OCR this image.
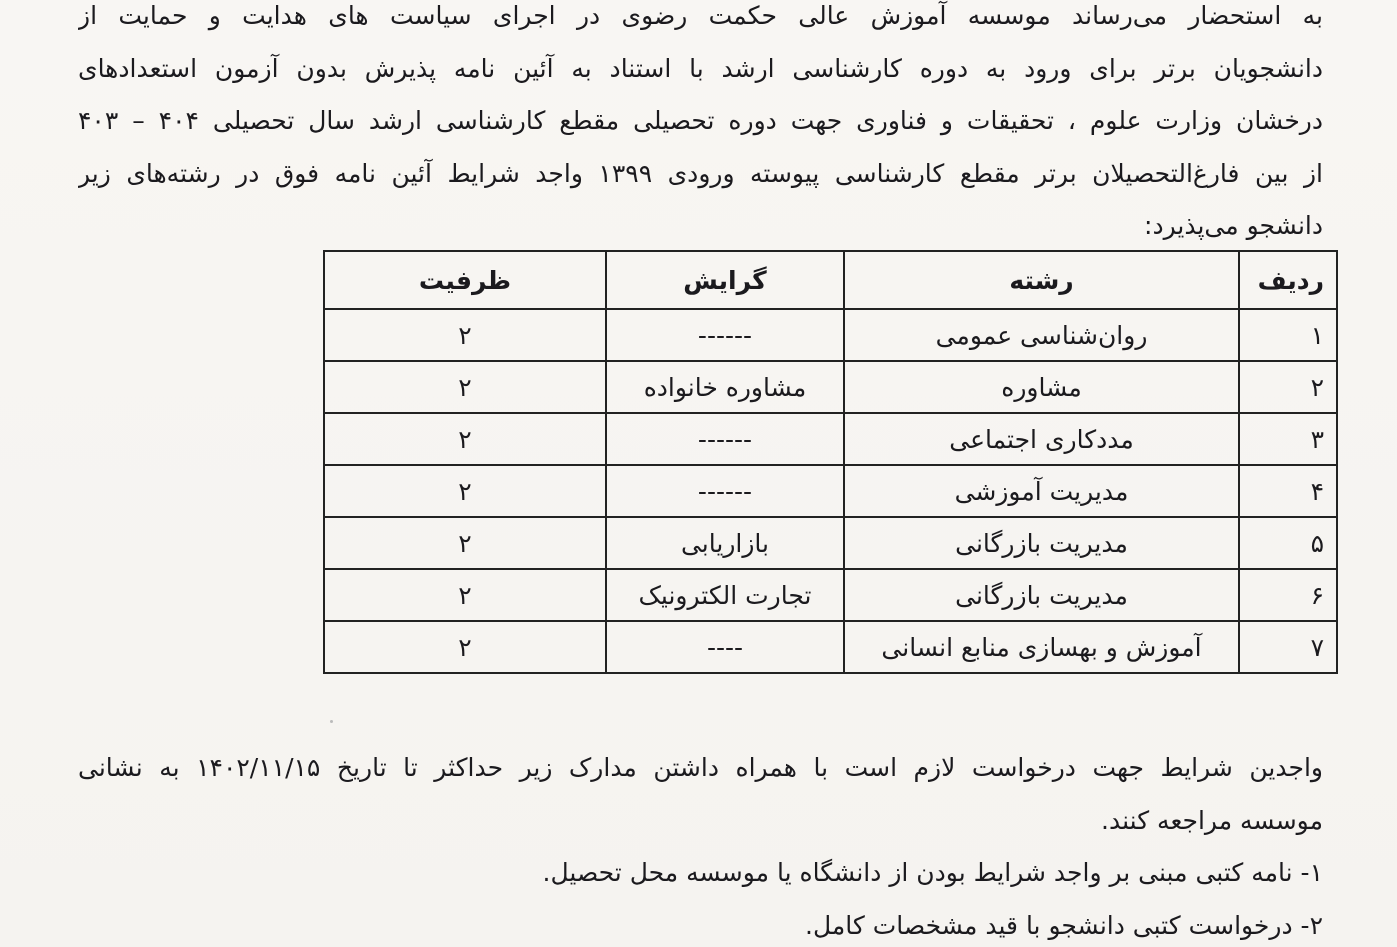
به استحضار می‌رساند موسسه آموزش عالی حکمت رضوی در اجرای سیاست های هدایت و حمایت از
دانشجویان برتر برای ورود به دوره کارشناسی ارشد با استناد به آئین نامه پذیرش بدون آزمون استعدادهای
درخشان وزارت علوم ، تحقیقات و فناوری جهت دوره تحصیلی مقطع کارشناسی ارشد سال تحصیلی ۴۰۴ – ۴۰۳
از بین فارغ‌التحصیلان برتر مقطع کارشناسی پیوسته ورودی ۱۳۹۹ واجد شرایط آئین نامه فوق در رشته‌های زیر
دانشجو می‌پذیرد:
ردیف	رشته	گرایش	ظرفیت
۱	روان‌شناسی عمومی	------	۲
۲	مشاوره	مشاوره خانواده	۲
۳	مددکاری اجتماعی	------	۲
۴	مدیریت آموزشی	------	۲
۵	مدیریت بازرگانی	بازاریابی	۲
۶	مدیریت بازرگانی	تجارت الکترونیک	۲
۷	آموزش و بهسازی منابع انسانی	----	۲
واجدین شرایط جهت درخواست لازم است با همراه داشتن مدارک زیر حداکثر تا تاریخ ۱۴۰۲/۱۱/۱۵ به نشانی
موسسه مراجعه کنند.
۱- نامه کتبی مبنی بر واجد شرایط بودن از دانشگاه یا موسسه محل تحصیل.
۲- درخواست کتبی دانشجو با قید مشخصات کامل.
